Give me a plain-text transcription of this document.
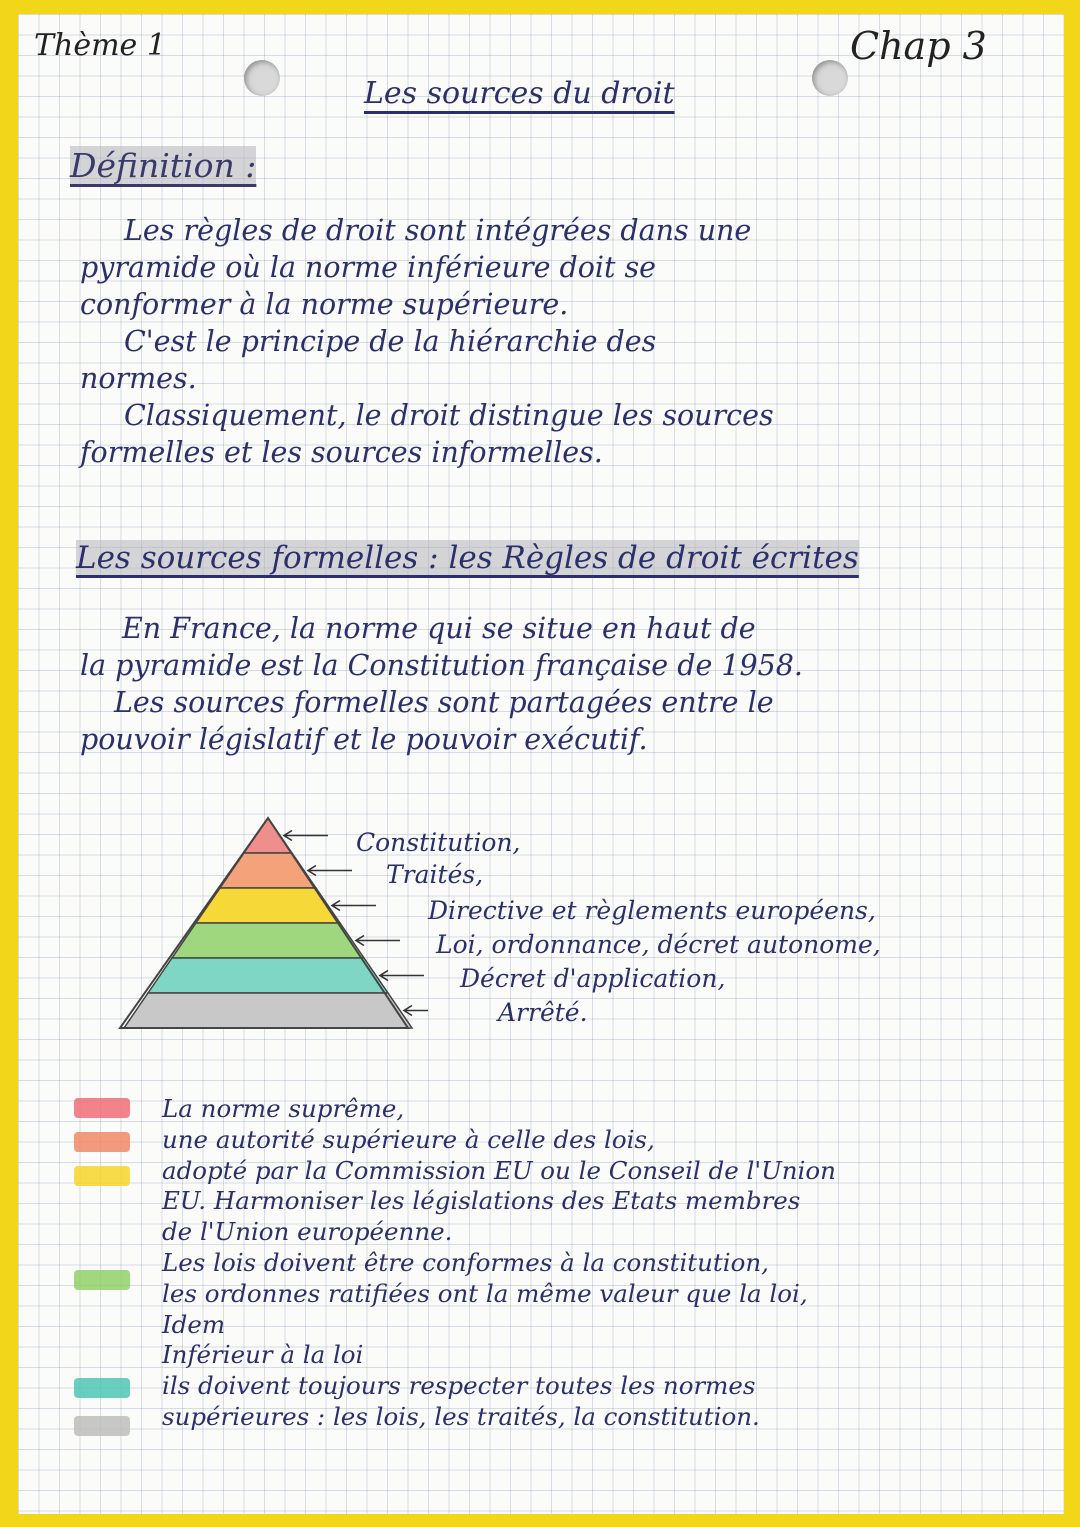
Thème 1	Chap 3
Les sources du droit
Définition :
Les règles de droit sont intégrées dans une
pyramide où la norme inférieure doit se
conformer à la norme supérieure.
C'est le principe de la hiérarchie des
normes.
Classiquement, le droit distingue les sources
formelles et les sources informelles.
Les sources formelles : les Règles de droit écrites
En France, la norme qui se situe en haut de
la pyramide est la Constitution française de 1958.
Les sources formelles sont partagées entre le
pouvoir législatif et le pouvoir exécutif.
Constitution,
Traités,
Directive et règlements européens,
Loi, ordonnance, décret autonome,
Décret d'application,
Arrêté.
La norme suprême,
une autorité supérieure à celle des lois,
adopté par la Commission EU ou le Conseil de l'Union
EU. Harmoniser les législations des Etats membres
de l'Union européenne.
Les lois doivent être conformes à la constitution,
les ordonnes ratifiées ont la même valeur que la loi,
Idem
Inférieur à la loi
ils doivent toujours respecter toutes les normes
supérieures : les lois, les traités, la constitution.
